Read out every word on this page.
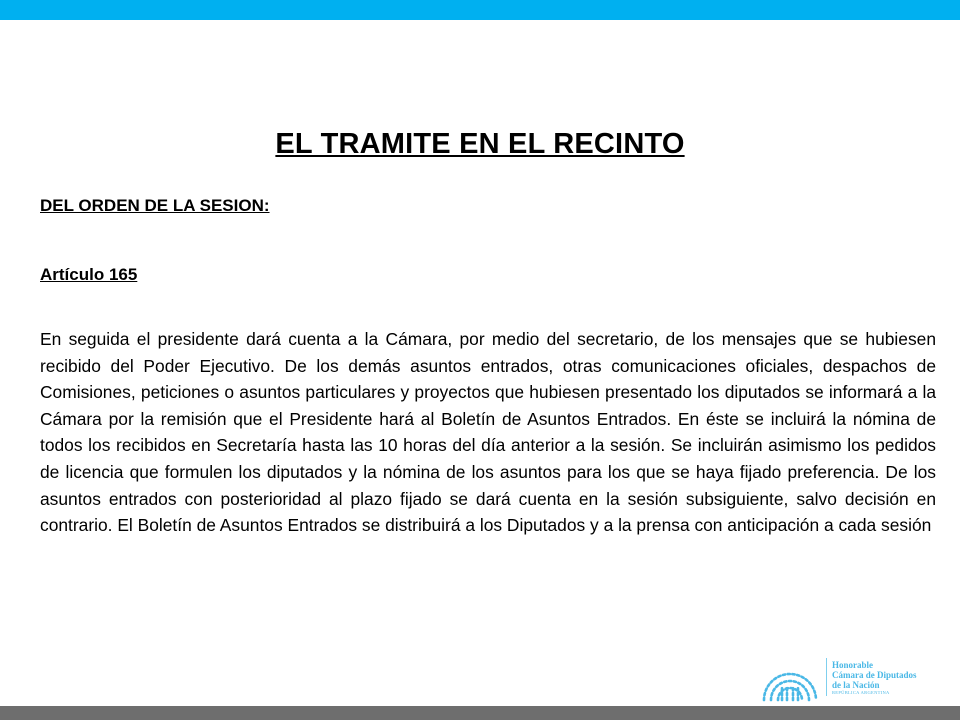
EL TRAMITE EN EL RECINTO
DEL ORDEN DE LA SESION:
Artículo 165
En seguida el presidente dará cuenta a la Cámara, por medio del secretario, de los mensajes que se hubiesen recibido del Poder Ejecutivo. De los demás asuntos entrados, otras comunicaciones oficiales, despachos de Comisiones, peticiones o asuntos particulares y proyectos que hubiesen presentado los diputados se informará a la Cámara por la remisión que el Presidente hará al Boletín de Asuntos Entrados. En éste se incluirá la nómina de todos los recibidos en Secretaría hasta las 10 horas del día anterior a la sesión. Se incluirán asimismo los pedidos de licencia que formulen los diputados y la nómina de los asuntos para los que se haya fijado preferencia. De los asuntos entrados con posterioridad al plazo fijado se dará cuenta en la sesión subsiguiente, salvo decisión en contrario. El Boletín de Asuntos Entrados se distribuirá a los Diputados y a la prensa con anticipación a cada sesión
Honorable
Cámara de Diputados
de la Nación
REPÚBLICA ARGENTINA
